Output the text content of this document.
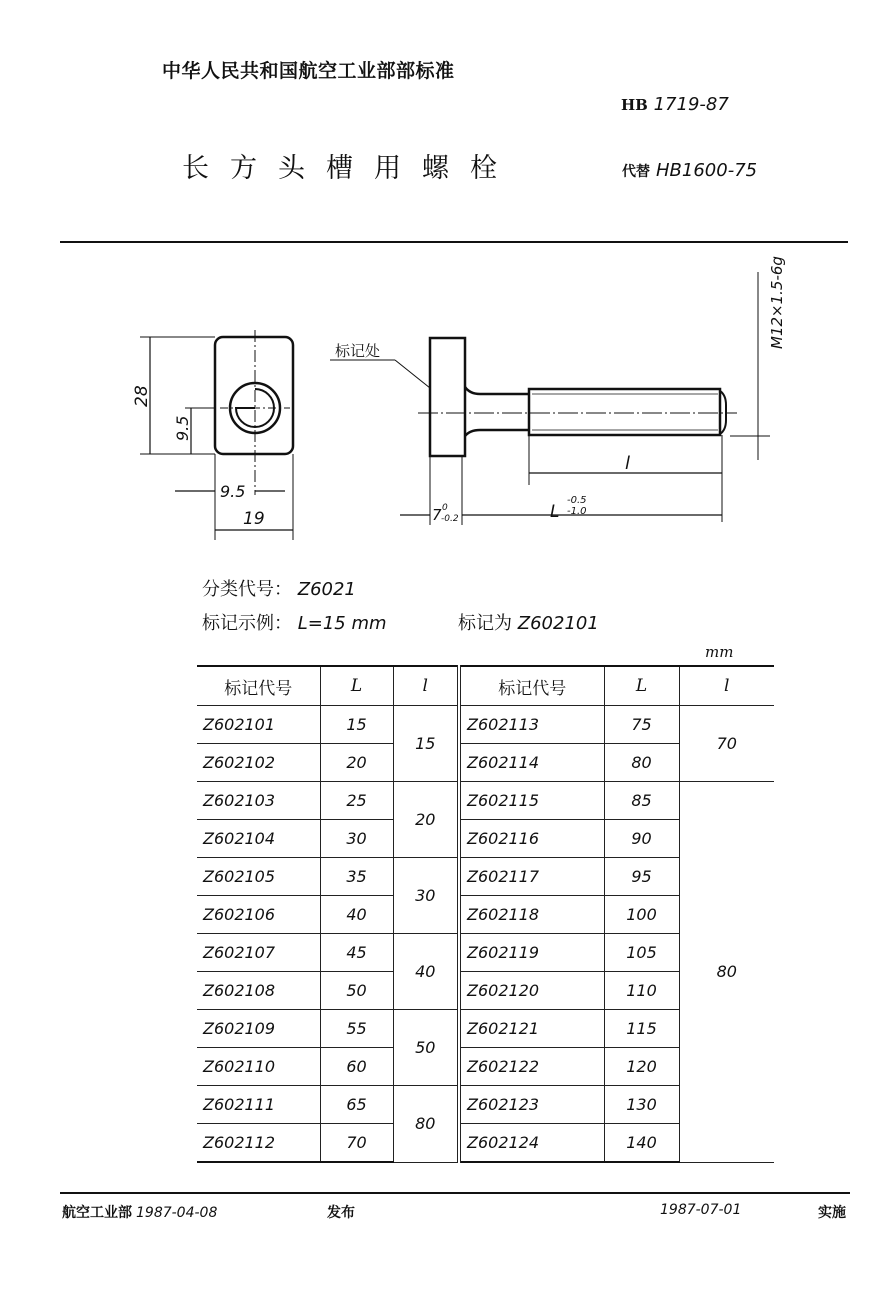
中华人民共和国航空工业部部标准
HB 1719-87
长方头槽用螺栓	代替 HB1600-75
28
9.5
9.5
19
标记处
M12×1.5-6g
l
7 0
-0.2	L
-0.5
-1.0
分类代号： Z6021
标记示例： L=15 mm	标记为 Z602101
mm
标记代号	L	l	标记代号	L	l
Z602101	15	15	Z602113	75	70
Z602102	20		Z602114	80	
Z602103	25	20	Z602115	85	80
Z602104	30		Z602116	90	
Z602105	35	30	Z602117	95	
Z602106	40		Z602118	100	
Z602107	45	40	Z602119	105	
Z602108	50		Z602120	110	
Z602109	55	50	Z602121	115	
Z602110	60		Z602122	120	
Z602111	65	80	Z602123	130	
Z602112	70		Z602124	140	
航空工业部 1987-04-08	发布	1987-07-01	实施
